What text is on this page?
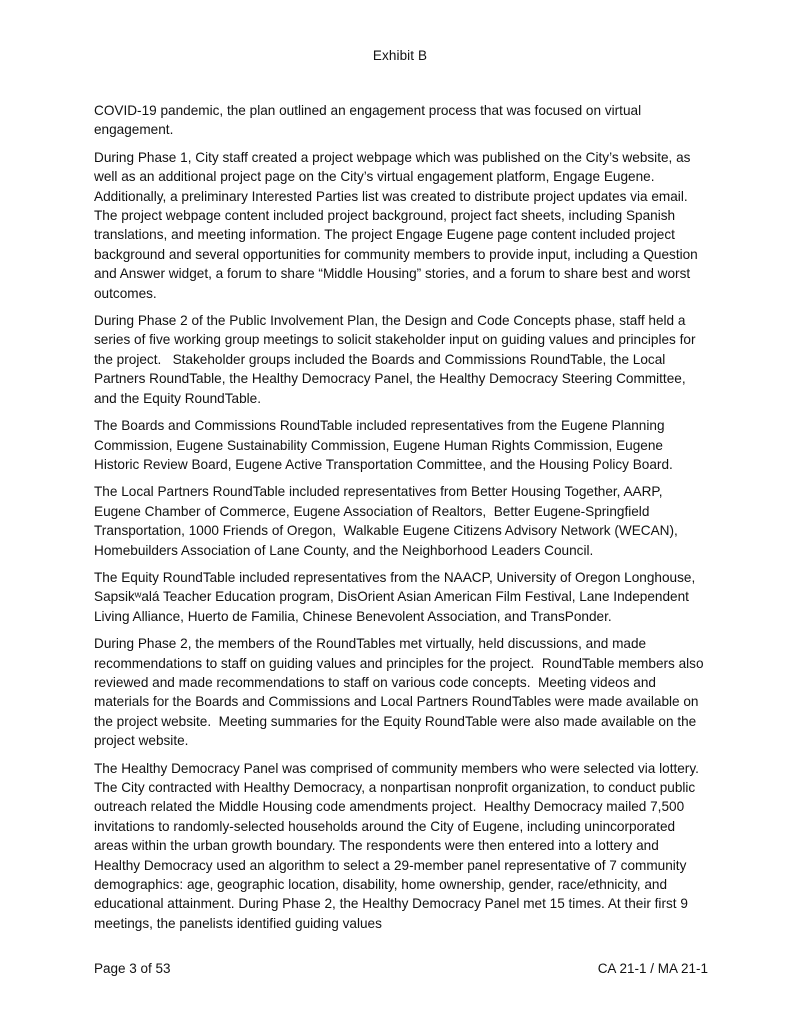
Exhibit B

COVID-19 pandemic, the plan outlined an engagement process that was focused on virtual engagement.

During Phase 1, City staff created a project webpage which was published on the City’s website, as well as an additional project page on the City’s virtual engagement platform, Engage Eugene. Additionally, a preliminary Interested Parties list was created to distribute project updates via email. The project webpage content included project background, project fact sheets, including Spanish translations, and meeting information. The project Engage Eugene page content included project background and several opportunities for community members to provide input, including a Question and Answer widget, a forum to share “Middle Housing” stories, and a forum to share best and worst outcomes.

During Phase 2 of the Public Involvement Plan, the Design and Code Concepts phase, staff held a series of five working group meetings to solicit stakeholder input on guiding values and principles for the project.   Stakeholder groups included the Boards and Commissions RoundTable, the Local Partners RoundTable, the Healthy Democracy Panel, the Healthy Democracy Steering Committee, and the Equity RoundTable.

The Boards and Commissions RoundTable included representatives from the Eugene Planning Commission, Eugene Sustainability Commission, Eugene Human Rights Commission, Eugene Historic Review Board, Eugene Active Transportation Committee, and the Housing Policy Board.

The Local Partners RoundTable included representatives from Better Housing Together, AARP, Eugene Chamber of Commerce, Eugene Association of Realtors,  Better Eugene-Springfield Transportation, 1000 Friends of Oregon,  Walkable Eugene Citizens Advisory Network (WECAN), Homebuilders Association of Lane County, and the Neighborhood Leaders Council.

The Equity RoundTable included representatives from the NAACP, University of Oregon Longhouse, Sapsikʷalá Teacher Education program, DisOrient Asian American Film Festival, Lane Independent Living Alliance, Huerto de Familia, Chinese Benevolent Association, and TransPonder.

During Phase 2, the members of the RoundTables met virtually, held discussions, and made recommendations to staff on guiding values and principles for the project.  RoundTable members also reviewed and made recommendations to staff on various code concepts.  Meeting videos and materials for the Boards and Commissions and Local Partners RoundTables were made available on the project website.  Meeting summaries for the Equity RoundTable were also made available on the project website.

The Healthy Democracy Panel was comprised of community members who were selected via lottery. The City contracted with Healthy Democracy, a nonpartisan nonprofit organization, to conduct public outreach related the Middle Housing code amendments project.  Healthy Democracy mailed 7,500 invitations to randomly-selected households around the City of Eugene, including unincorporated areas within the urban growth boundary. The respondents were then entered into a lottery and Healthy Democracy used an algorithm to select a 29-member panel representative of 7 community demographics: age, geographic location, disability, home ownership, gender, race/ethnicity, and educational attainment. During Phase 2, the Healthy Democracy Panel met 15 times. At their first 9 meetings, the panelists identified guiding values

Page 3 of 53	CA 21-1 / MA 21-1
